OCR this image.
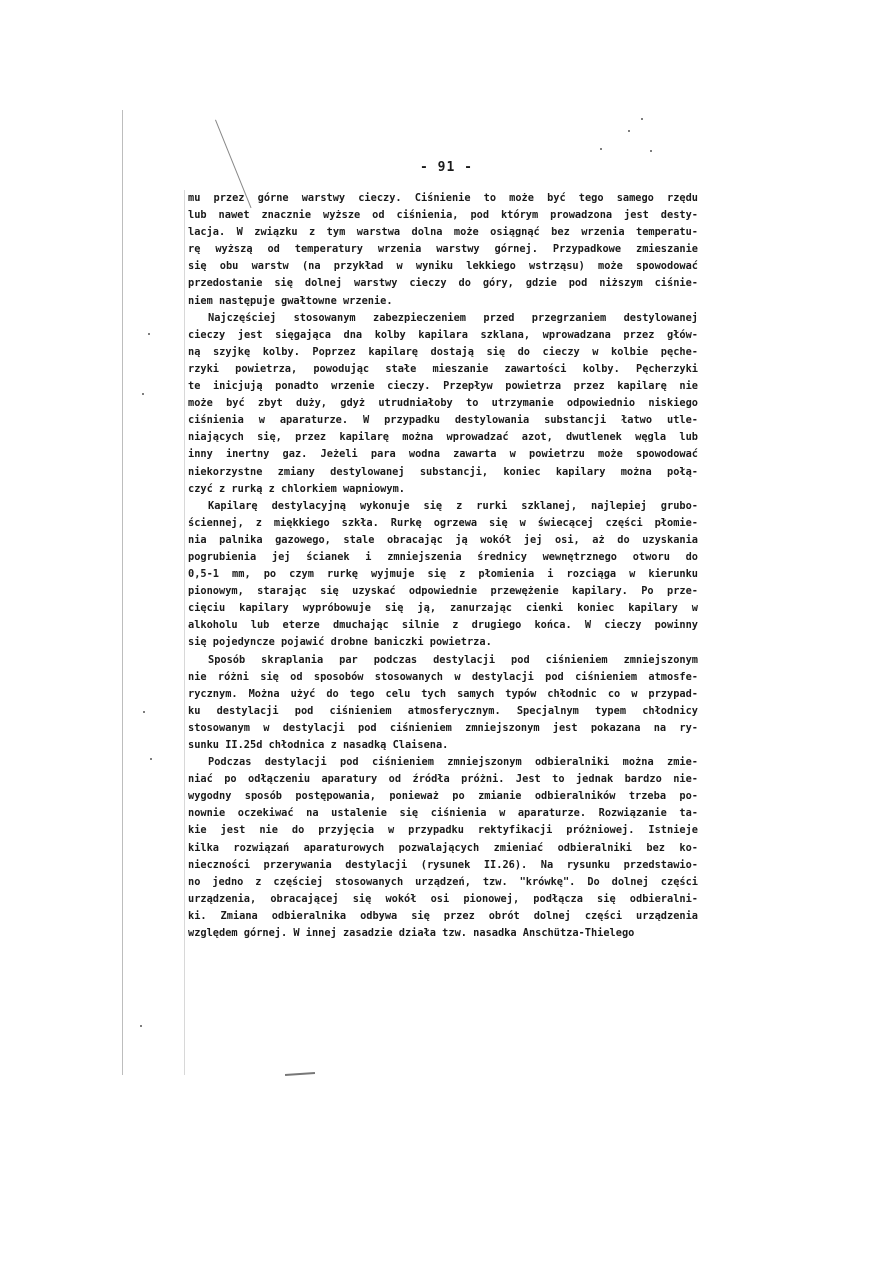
- 91 -
mu przez górne warstwy cieczy. Ciśnienie to może być tego samego rzędu
lub nawet znacznie wyższe od ciśnienia, pod którym prowadzona jest desty-
lacja. W związku z tym warstwa dolna może osiągnąć bez wrzenia temperatu-
rę wyższą od temperatury wrzenia warstwy górnej. Przypadkowe zmieszanie
się obu warstw (na przykład w wyniku lekkiego wstrząsu) może spowodować
przedostanie się dolnej warstwy cieczy do góry, gdzie pod niższym ciśnie-
niem następuje gwałtowne wrzenie.
Najczęściej stosowanym zabezpieczeniem przed przegrzaniem destylowanej
cieczy jest sięgająca dna kolby kapilara szklana, wprowadzana przez głów-
ną szyjkę kolby. Poprzez kapilarę dostają się do cieczy w kolbie pęche-
rzyki powietrza, powodując stałe mieszanie zawartości kolby. Pęcherzyki
te inicjują ponadto wrzenie cieczy. Przepływ powietrza przez kapilarę nie
może być zbyt duży, gdyż utrudniałoby to utrzymanie odpowiednio niskiego
ciśnienia w aparaturze. W przypadku destylowania substancji łatwo utle-
niających się, przez kapilarę można wprowadzać azot, dwutlenek węgla lub
inny inertny gaz. Jeżeli para wodna zawarta w powietrzu może spowodować
niekorzystne zmiany destylowanej substancji, koniec kapilary można połą-
czyć z rurką z chlorkiem wapniowym.
Kapilarę destylacyjną wykonuje się z rurki szklanej, najlepiej grubo-
ściennej, z miękkiego szkła. Rurkę ogrzewa się w świecącej części płomie-
nia palnika gazowego, stale obracając ją wokół jej osi, aż do uzyskania
pogrubienia jej ścianek i zmniejszenia średnicy wewnętrznego otworu do
0,5-1 mm, po czym rurkę wyjmuje się z płomienia i rozciąga w kierunku
pionowym, starając się uzyskać odpowiednie przewężenie kapilary. Po prze-
cięciu kapilary wypróbowuje się ją, zanurzając cienki koniec kapilary w
alkoholu lub eterze dmuchając silnie z drugiego końca. W cieczy powinny
się pojedyncze pojawić drobne baniczki powietrza.
Sposób skraplania par podczas destylacji pod ciśnieniem zmniejszonym
nie różni się od sposobów stosowanych w destylacji pod ciśnieniem atmosfe-
rycznym. Można użyć do tego celu tych samych typów chłodnic co w przypad-
ku destylacji pod ciśnieniem atmosferycznym. Specjalnym typem chłodnicy
stosowanym w destylacji pod ciśnieniem zmniejszonym jest pokazana na ry-
sunku II.25d chłodnica z nasadką Claisena.
Podczas destylacji pod ciśnieniem zmniejszonym odbieralniki można zmie-
niać po odłączeniu aparatury od źródła próżni. Jest to jednak bardzo nie-
wygodny sposób postępowania, ponieważ po zmianie odbieralników trzeba po-
nownie oczekiwać na ustalenie się ciśnienia w aparaturze. Rozwiązanie ta-
kie jest nie do przyjęcia w przypadku rektyfikacji próżniowej. Istnieje
kilka rozwiązań aparaturowych pozwalających zmieniać odbieralniki bez ko-
nieczności przerywania destylacji (rysunek II.26). Na rysunku przedstawio-
no jedno z częściej stosowanych urządzeń, tzw. "krówkę". Do dolnej części
urządzenia, obracającej się wokół osi pionowej, podłącza się odbieralni-
ki. Zmiana odbieralnika odbywa się przez obrót dolnej części urządzenia
względem górnej. W innej zasadzie działa tzw. nasadka Anschütza-Thielego
